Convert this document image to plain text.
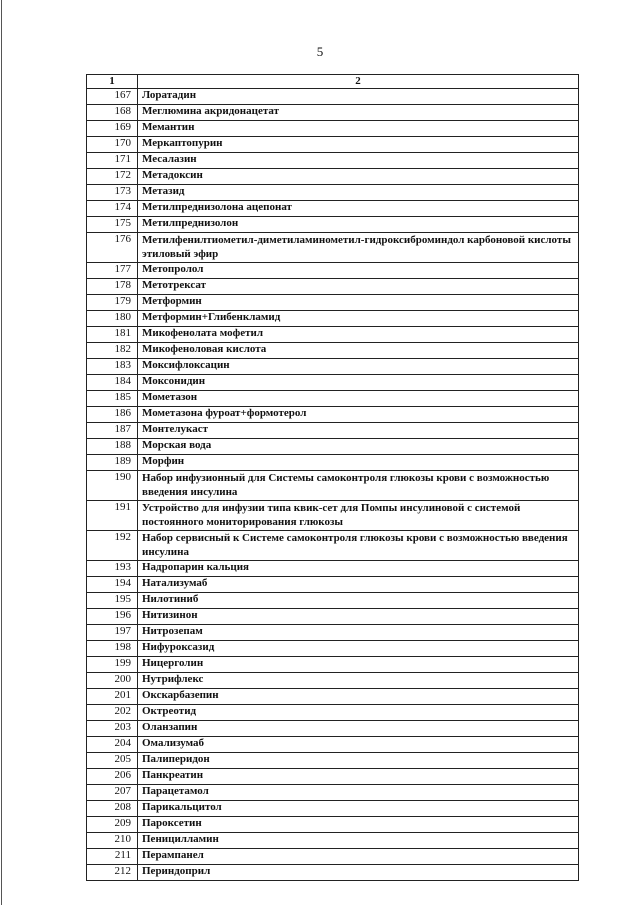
5
1	2
167	Лоратадин
168	Меглюмина акридонацетат
169	Мемантин
170	Меркаптопурин
171	Месалазин
172	Метадоксин
173	Метазид
174	Метилпреднизолона ацепонат
175	Метилпреднизолон
176	Метилфенилтиометил-диметиламинометил-гидроксиброминдол карбоновой кислоты этиловый эфир
177	Метопролол
178	Метотрексат
179	Метформин
180	Метформин+Глибенкламид
181	Микофенолата мофетил
182	Микофеноловая кислота
183	Моксифлоксацин
184	Моксонидин
185	Мометазон
186	Мометазона фуроат+формотерол
187	Монтелукаст
188	Морская вода
189	Морфин
190	Набор инфузионный для Системы самоконтроля глюкозы крови с возможностью введения инсулина
191	Устройство для инфузии типа квик-сет для Помпы инсулиновой с системой постоянного мониторирования глюкозы
192	Набор сервисный к Системе самоконтроля глюкозы крови с возможностью введения инсулина
193	Надропарин кальция
194	Натализумаб
195	Нилотиниб
196	Нитизинон
197	Нитрозепам
198	Нифуроксазид
199	Ницерголин
200	Нутрифлекс
201	Окскарбазепин
202	Октреотид
203	Оланзапин
204	Омализумаб
205	Палиперидон
206	Панкреатин
207	Парацетамол
208	Парикальцитол
209	Пароксетин
210	Пеницилламин
211	Перампанел
212	Периндоприл
